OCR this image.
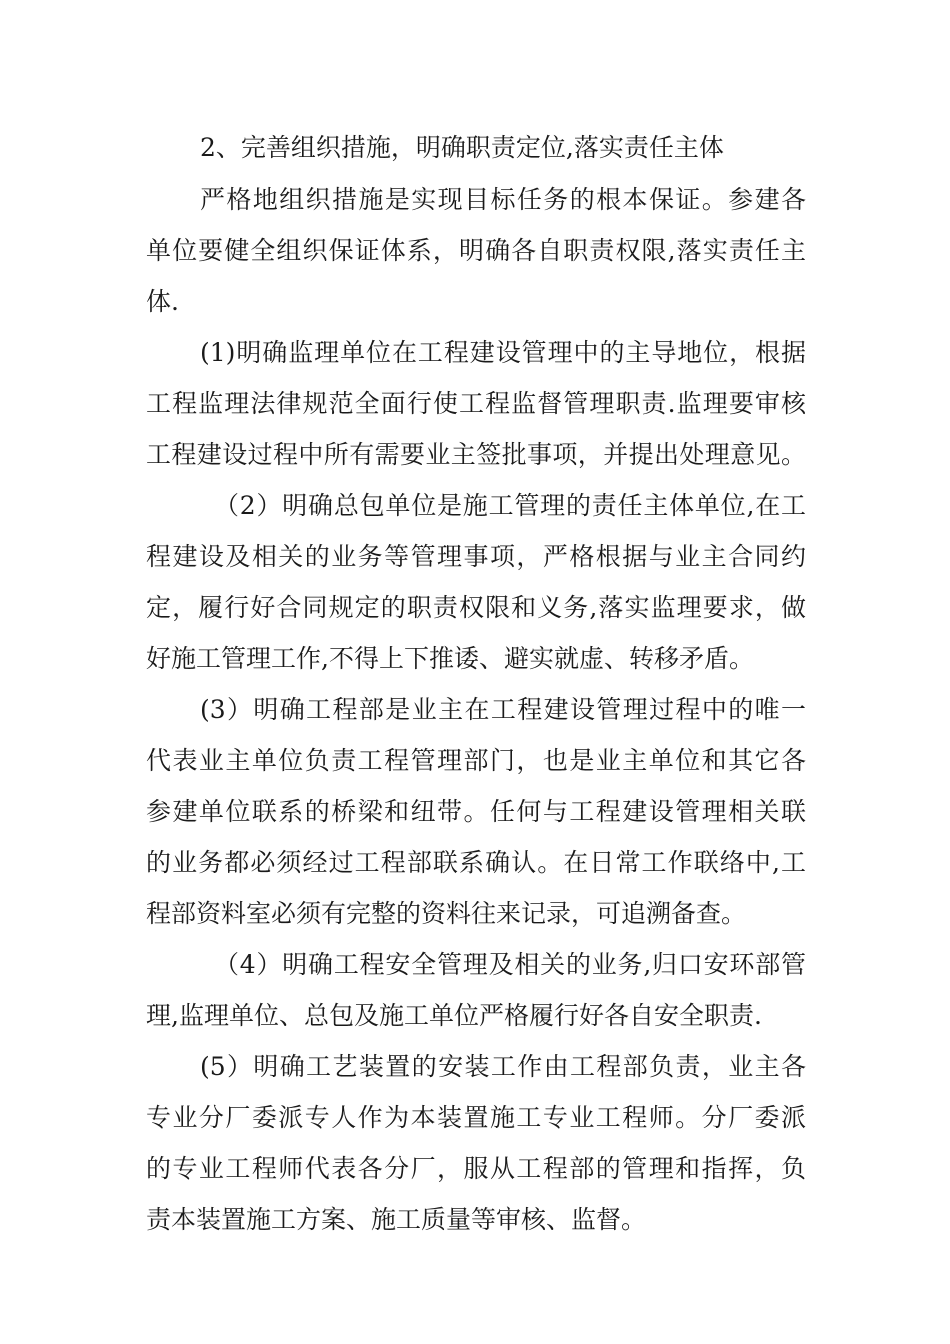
2、完善组织措施，明确职责定位,落实责任主体
严格地组织措施是实现目标任务的根本保证。参建各
单位要健全组织保证体系，明确各自职责权限,落实责任主
体.
(1)明确监理单位在工程建设管理中的主导地位，根据
工程监理法律规范全面行使工程监督管理职责.监理要审核
工程建设过程中所有需要业主签批事项，并提出处理意见。
（2）明确总包单位是施工管理的责任主体单位,在工
程建设及相关的业务等管理事项，严格根据与业主合同约
定，履行好合同规定的职责权限和义务,落实监理要求，做
好施工管理工作,不得上下推诿、避实就虚、转移矛盾。
(3）明确工程部是业主在工程建设管理过程中的唯一
代表业主单位负责工程管理部门，也是业主单位和其它各
参建单位联系的桥梁和纽带。任何与工程建设管理相关联
的业务都必须经过工程部联系确认。在日常工作联络中,工
程部资料室必须有完整的资料往来记录，可追溯备查。
（4）明确工程安全管理及相关的业务,归口安环部管
理,监理单位、总包及施工单位严格履行好各自安全职责.
(5）明确工艺装置的安装工作由工程部负责，业主各
专业分厂委派专人作为本装置施工专业工程师。分厂委派
的专业工程师代表各分厂，服从工程部的管理和指挥，负
责本装置施工方案、施工质量等审核、监督。
